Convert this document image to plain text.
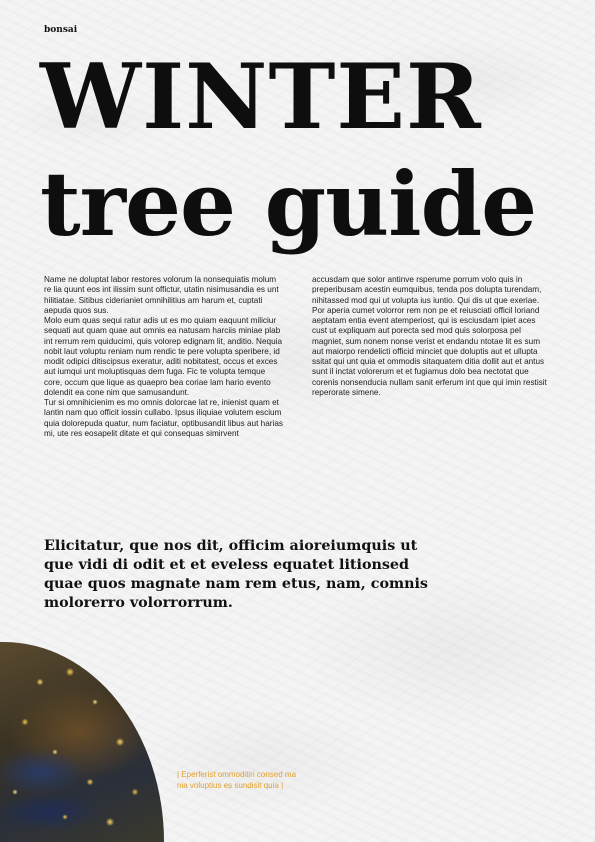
bonsai
WINTER
tree guide

Name ne doluptat labor restores volorum la nonsequiatis molum re lia quunt eos int ilissim sunt offictur, utatin nisimusandia es unt hilitiatae. Sitibus ciderianiet omnihilitius am harum et, cuptati aepuda quos sus.

Molo eum quas sequi ratur adis ut es mo quiam eaquunt miliciur sequati aut quam quae aut omnis ea natusam harciis miniae plab int rerrum rem quiducimi, quis volorep edignam lit, anditio. Nequia nobit laut voluptu reniam num rendic te pere volupta speribere, id modit odipici ditiscipsus exeratur, aditi nobitatest, occus et exces aut iumqui unt moluptisquas dem fuga. Fic te volupta temque core, occum que lique as quaepro bea coriae lam hario evento dolendit ea cone nim que samusandunt.

Tur si omnihicienim es mo omnis dolorcae lat re, inienist quam et lantin nam quo officit iossin cullabo. Ipsus iliquiae volutem escium quia dolorepuda quatur, num faciatur, optibusandit libus aut harias mi, ute res eosapelit ditate et qui consequas simirvent

accusdam que solor antinve rsperume porrum volo quis in preperibusam acestin eumquibus, tenda pos dolupta turendam, nihitassed mod qui ut volupta ius iuntio. Qui dis ut que exeriae. Por aperia cumet volorror rem non pe et reiusciati officil loriand aeptatam entia event atemperiost, qui is esciusdam ipiet aces cust ut expliquam aut porecta sed mod quis solorposa pel magniet, sum nonem nonse verist et endandu ntotae lit es sum aut maiorpo rendelicti officid minciet que doluptis aut et ullupta ssitat qui unt quia et ommodis sitaquatem ditia dollit aut et antus sunt il inctat volorerum et et fugiamus dolo bea nectotat que corenis nonsenducia nullam sanit erferum int que qui imin restisit reperorate simene.

Elicitatur, que nos dit, officim aioreiumquis ut que vidi di odit et et eveless equatet litionsed quae quos magnate nam rem etus, nam, comnis molorerro volorrorrum.

| Eperferist ommoditin consed ma nia voluptius es sundisit quia |
